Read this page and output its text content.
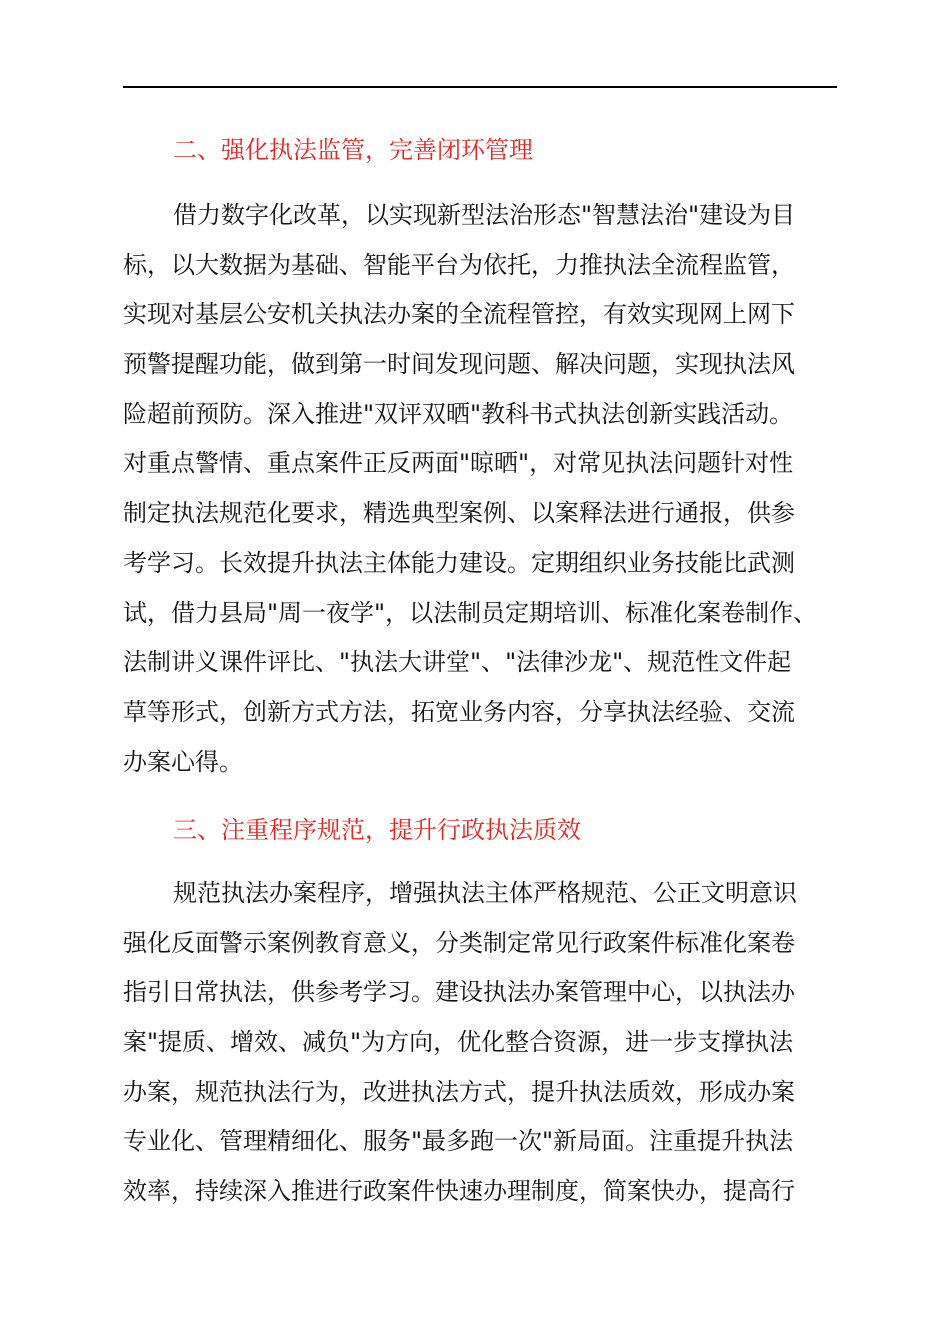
二、强化执法监管，完善闭环管理
借力数字化改革，以实现新型法治形态"智慧法治"建设为目
标，以大数据为基础、智能平台为依托，力推执法全流程监管，
实现对基层公安机关执法办案的全流程管控，有效实现网上网下
预警提醒功能，做到第一时间发现问题、解决问题，实现执法风
险超前预防。深入推进"双评双晒"教科书式执法创新实践活动。
对重点警情、重点案件正反两面"晾晒"，对常见执法问题针对性
制定执法规范化要求，精选典型案例、以案释法进行通报，供参
考学习。长效提升执法主体能力建设。定期组织业务技能比武测
试，借力县局"周一夜学"，以法制员定期培训、标准化案卷制作、
法制讲义课件评比、"执法大讲堂"、"法律沙龙"、规范性文件起
草等形式，创新方式方法，拓宽业务内容，分享执法经验、交流
办案心得。
三、注重程序规范，提升行政执法质效
规范执法办案程序，增强执法主体严格规范、公正文明意识
强化反面警示案例教育意义，分类制定常见行政案件标准化案卷
指引日常执法，供参考学习。建设执法办案管理中心，以执法办
案"提质、增效、减负"为方向，优化整合资源，进一步支撑执法
办案，规范执法行为，改进执法方式，提升执法质效，形成办案
专业化、管理精细化、服务"最多跑一次"新局面。注重提升执法
效率，持续深入推进行政案件快速办理制度，简案快办，提高行
